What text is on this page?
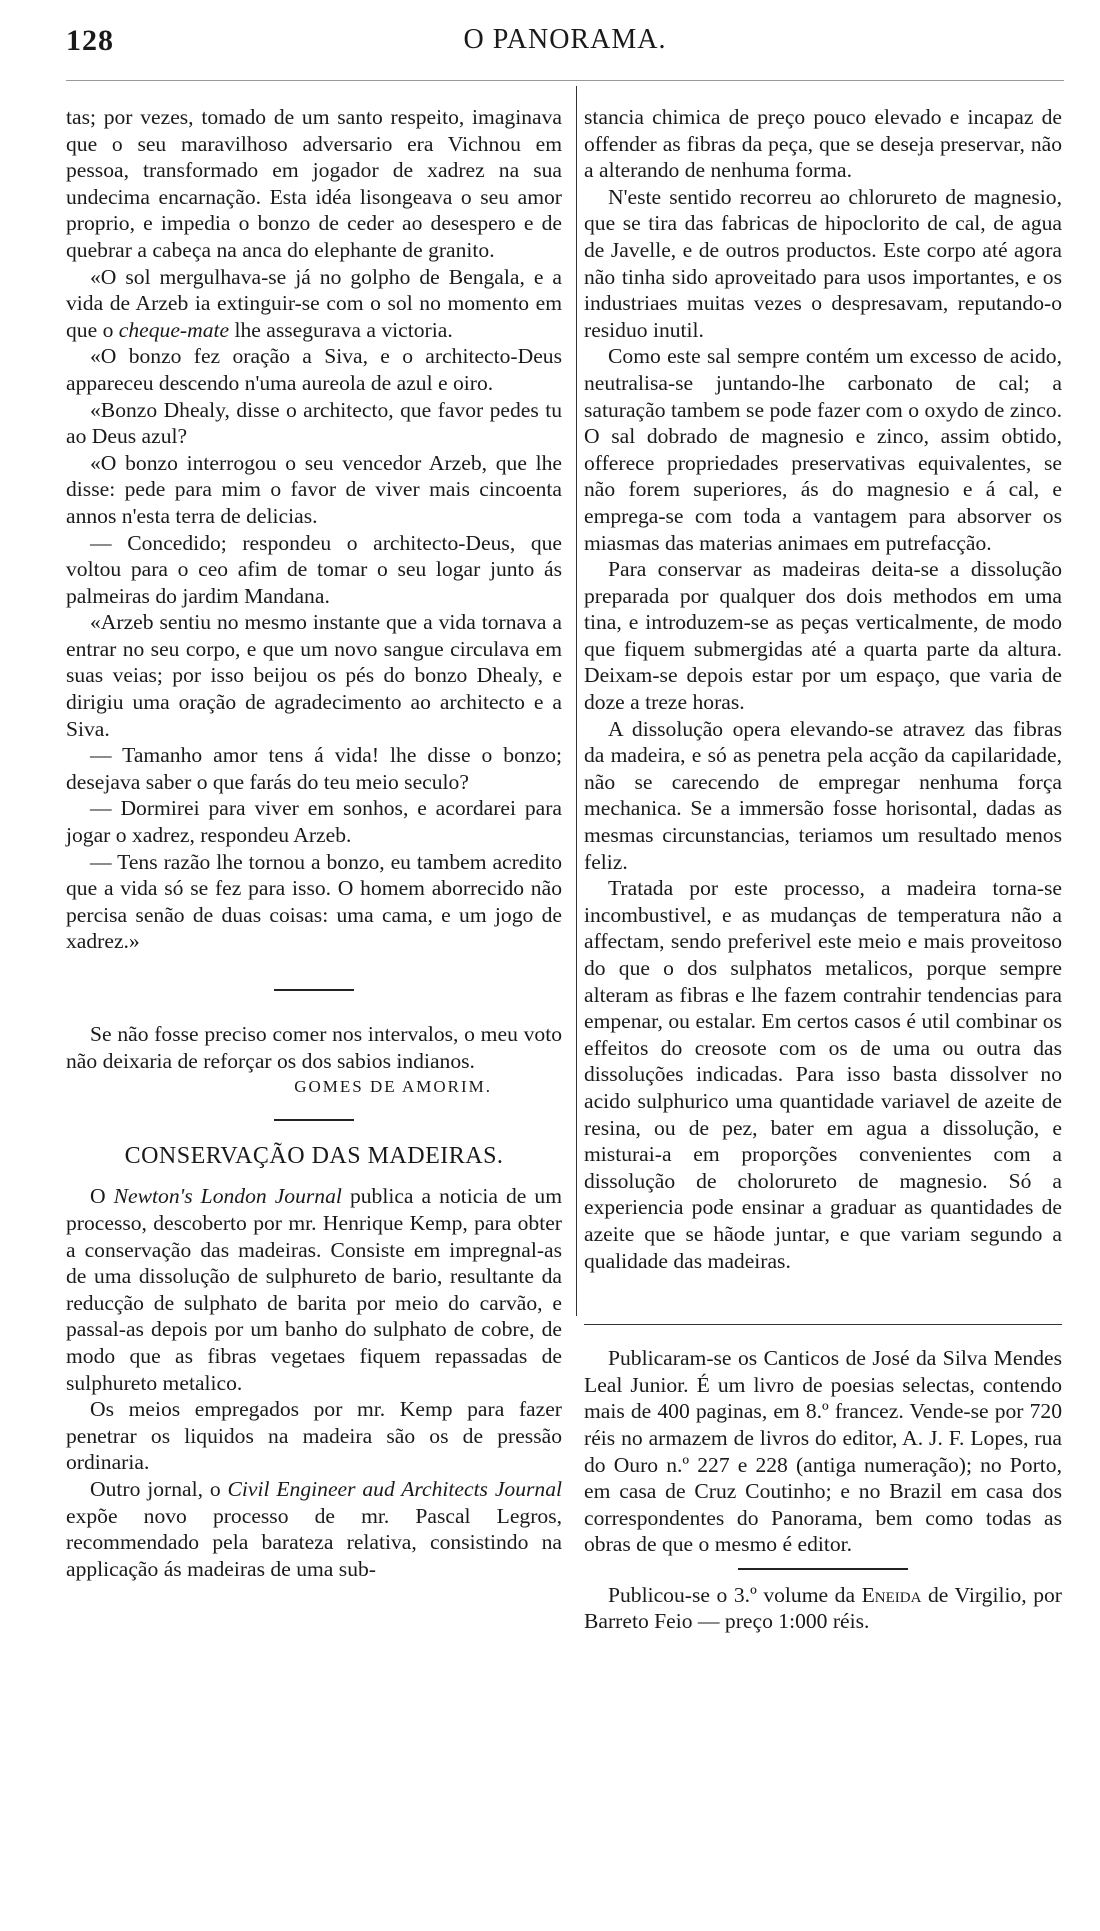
128	O PANORAMA.

tas; por vezes, tomado de um santo respeito, imaginava que o seu maravilhoso adversario era Vichnou em pessoa, transformado em jogador de xadrez na sua undecima encarnação. Esta idéa lisongeava o seu amor proprio, e impedia o bonzo de ceder ao desespero e de quebrar a cabeça na anca do elephante de granito.

«O sol mergulhava-se já no golpho de Bengala, e a vida de Arzeb ia extinguir-se com o sol no momento em que o cheque-mate lhe assegurava a victoria.

«O bonzo fez oração a Siva, e o architecto-Deus appareceu descendo n'uma aureola de azul e oiro.

«Bonzo Dhealy, disse o architecto, que favor pedes tu ao Deus azul?

«O bonzo interrogou o seu vencedor Arzeb, que lhe disse: pede para mim o favor de viver mais cincoenta annos n'esta terra de delicias.

— Concedido; respondeu o architecto-Deus, que voltou para o ceo afim de tomar o seu logar junto ás palmeiras do jardim Mandana.

«Arzeb sentiu no mesmo instante que a vida tornava a entrar no seu corpo, e que um novo sangue circulava em suas veias; por isso beijou os pés do bonzo Dhealy, e dirigiu uma oração de agradecimento ao architecto e a Siva.

— Tamanho amor tens á vida! lhe disse o bonzo; desejava saber o que farás do teu meio seculo?

— Dormirei para viver em sonhos, e acordarei para jogar o xadrez, respondeu Arzeb.

— Tens razão lhe tornou a bonzo, eu tambem acredito que a vida só se fez para isso. O homem aborrecido não percisa senão de duas coisas: uma cama, e um jogo de xadrez.»

Se não fosse preciso comer nos intervalos, o meu voto não deixaria de reforçar os dos sabios indianos.

GOMES DE AMORIM.

CONSERVAÇÃO DAS MADEIRAS.

O Newton's London Journal publica a noticia de um processo, descoberto por mr. Henrique Kemp, para obter a conservação das madeiras. Consiste em impregnal-as de uma dissolução de sulphureto de bario, resultante da reducção de sulphato de barita por meio do carvão, e passal-as depois por um banho do sulphato de cobre, de modo que as fibras vegetaes fiquem repassadas de sulphureto metalico.

Os meios empregados por mr. Kemp para fazer penetrar os liquidos na madeira são os de pressão ordinaria.

Outro jornal, o Civil Engineer aud Architects Journal expõe novo processo de mr. Pascal Legros, recommendado pela barateza relativa, consistindo na applicação ás madeiras de uma sub-

stancia chimica de preço pouco elevado e incapaz de offender as fibras da peça, que se deseja preservar, não a alterando de nenhuma forma.

N'este sentido recorreu ao chlorureto de magnesio, que se tira das fabricas de hipoclorito de cal, de agua de Javelle, e de outros productos. Este corpo até agora não tinha sido aproveitado para usos importantes, e os industriaes muitas vezes o despresavam, reputando-o residuo inutil.

Como este sal sempre contém um excesso de acido, neutralisa-se juntando-lhe carbonato de cal; a saturação tambem se pode fazer com o oxydo de zinco. O sal dobrado de magnesio e zinco, assim obtido, offerece propriedades preservativas equivalentes, se não forem superiores, ás do magnesio e á cal, e emprega-se com toda a vantagem para absorver os miasmas das materias animaes em putrefacção.

Para conservar as madeiras deita-se a dissolução preparada por qualquer dos dois methodos em uma tina, e introduzem-se as peças verticalmente, de modo que fiquem submergidas até a quarta parte da altura. Deixam-se depois estar por um espaço, que varia de doze a treze horas.

A dissolução opera elevando-se atravez das fibras da madeira, e só as penetra pela acção da capilaridade, não se carecendo de empregar nenhuma força mechanica. Se a immersão fosse horisontal, dadas as mesmas circunstancias, teriamos um resultado menos feliz.

Tratada por este processo, a madeira torna-se incombustivel, e as mudanças de temperatura não a affectam, sendo preferivel este meio e mais proveitoso do que o dos sulphatos metalicos, porque sempre alteram as fibras e lhe fazem contrahir tendencias para empenar, ou estalar. Em certos casos é util combinar os effeitos do creosote com os de uma ou outra das dissoluções indicadas. Para isso basta dissolver no acido sulphurico uma quantidade variavel de azeite de resina, ou de pez, bater em agua a dissolução, e misturai-a em proporções convenientes com a dissolução de cholorureto de magnesio. Só a experiencia pode ensinar a graduar as quantidades de azeite que se hãode juntar, e que variam segundo a qualidade das madeiras.

Publicaram-se os Canticos de José da Silva Mendes Leal Junior. É um livro de poesias selectas, contendo mais de 400 paginas, em 8.º francez. Vende-se por 720 réis no armazem de livros do editor, A. J. F. Lopes, rua do Ouro n.º 227 e 228 (antiga numeração); no Porto, em casa de Cruz Coutinho; e no Brazil em casa dos correspondentes do Panorama, bem como todas as obras de que o mesmo é editor.

Publicou-se o 3.º volume da Eneida de Virgilio, por Barreto Feio — preço 1:000 réis.
